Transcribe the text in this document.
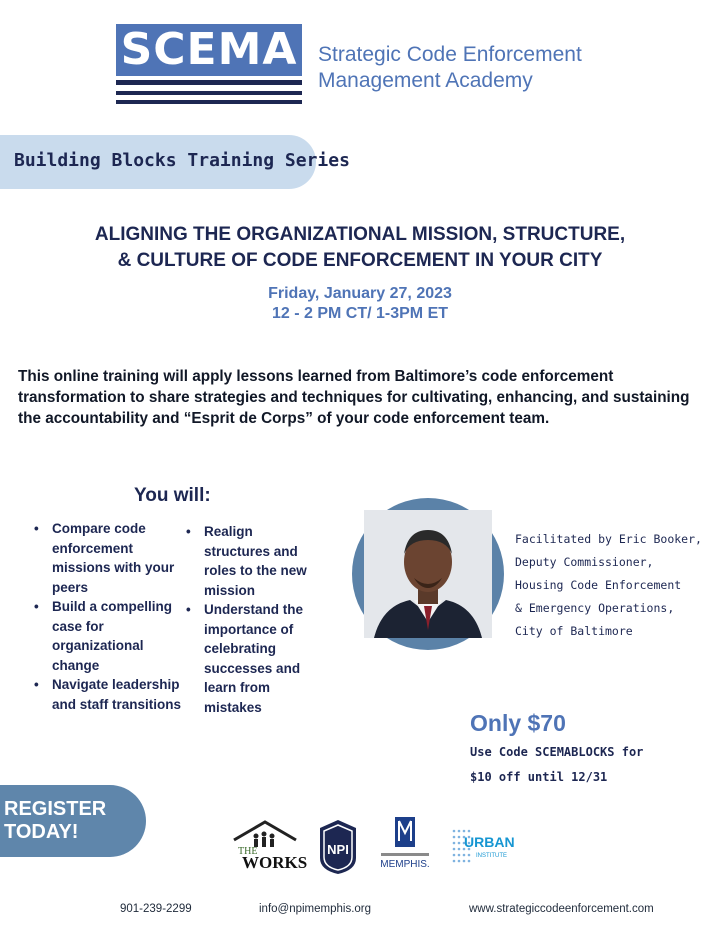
SCEMA Strategic Code Enforcement
Management Academy
Building Blocks Training Series
ALIGNING THE ORGANIZATIONAL MISSION, STRUCTURE,
& CULTURE OF CODE ENFORCEMENT IN YOUR CITY
Friday, January 27, 2023
12 - 2 PM CT/ 1-3PM ET

This online training will apply lessons learned from Baltimore’s code enforcement transformation to share strategies and techniques for cultivating, enhancing, and sustaining the accountability and “Esprit de Corps” of your code enforcement team.

You will:
• Compare code enforcement missions with your peers
• Build a compelling case for organizational change
• Navigate leadership and staff transitions
• Realign structures and roles to the new mission
• Understand the importance of celebrating successes and learn from mistakes
Facilitated by Eric Booker,
Deputy Commissioner,
Housing Code Enforcement
& Emergency Operations,
City of Baltimore
Only $70
Use Code SCEMABLOCKS for
$10 off until 12/31
REGISTER
TODAY!
THE
WORKS
NPI
MEMPHIS.
URBAN
INSTITUTE
901-239-2299	info@npimemphis.org	www.strategiccodeenforcement.com
